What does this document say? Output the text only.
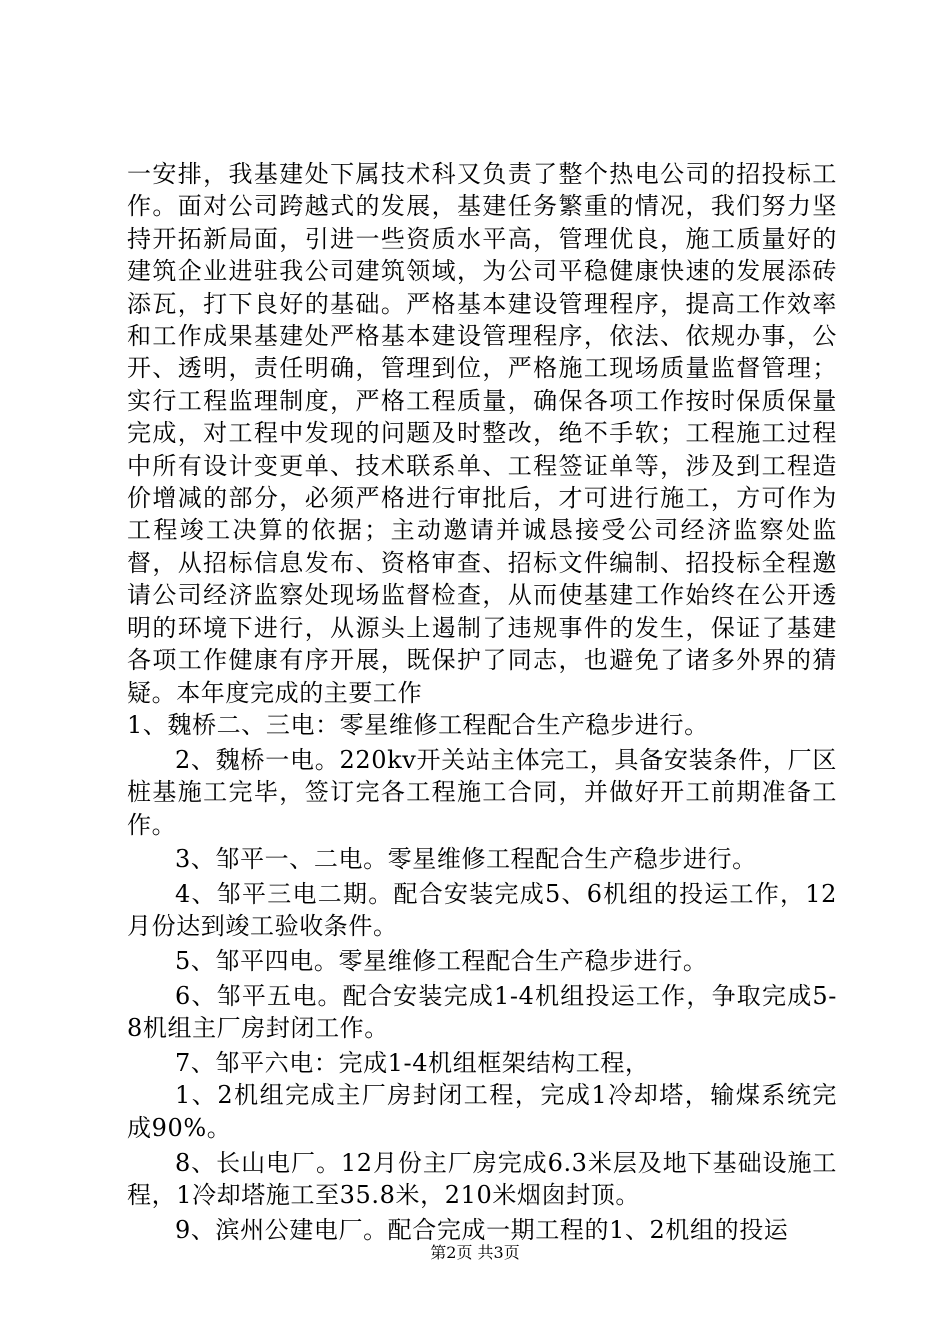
一安排，我基建处下属技术科又负责了整个热电公司的招投标工作。面对公司跨越式的发展，基建任务繁重的情况，我们努力坚持开拓新局面，引进一些资质水平高，管理优良，施工质量好的建筑企业进驻我公司建筑领域，为公司平稳健康快速的发展添砖添瓦，打下良好的基础。严格基本建设管理程序，提高工作效率和工作成果基建处严格基本建设管理程序，依法、依规办事，公开、透明，责任明确，管理到位，严格施工现场质量监督管理；实行工程监理制度，严格工程质量，确保各项工作按时保质保量完成，对工程中发现的问题及时整改，绝不手软；工程施工过程中所有设计变更单、技术联系单、工程签证单等，涉及到工程造价增减的部分，必须严格进行审批后，才可进行施工，方可作为工程竣工决算的依据；主动邀请并诚恳接受公司经济监察处监督，从招标信息发布、资格审查、招标文件编制、招投标全程邀请公司经济监察处现场监督检查，从而使基建工作始终在公开透明的环境下进行，从源头上遏制了违规事件的发生，保证了基建各项工作健康有序开展，既保护了同志，也避免了诸多外界的猜疑。本年度完成的主要工作

1、魏桥二、三电：零星维修工程配合生产稳步进行。

2、魏桥一电。220kv开关站主体完工，具备安装条件，厂区桩基施工完毕，签订完各工程施工合同，并做好开工前期准备工作。

3、邹平一、二电。零星维修工程配合生产稳步进行。

4、邹平三电二期。配合安装完成5、6机组的投运工作，12月份达到竣工验收条件。

5、邹平四电。零星维修工程配合生产稳步进行。

6、邹平五电。配合安装完成1-4机组投运工作，争取完成5-8机组主厂房封闭工作。

7、邹平六电：完成1-4机组框架结构工程，

1、2机组完成主厂房封闭工程，完成1冷却塔，输煤系统完成90%。

8、长山电厂。12月份主厂房完成6.3米层及地下基础设施工程，1冷却塔施工至35.8米，210米烟囱封顶。

9、滨州公建电厂。配合完成一期工程的1、2机组的投运

第2页 共3页
